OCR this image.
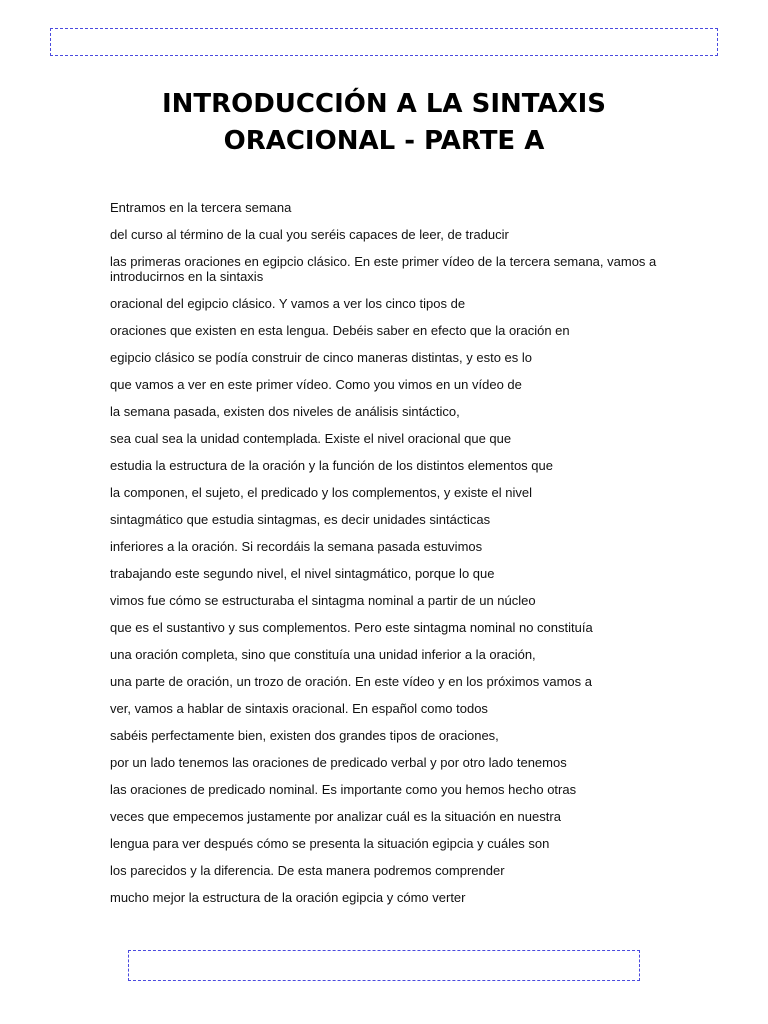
INTRODUCCIÓN A LA SINTAXIS
ORACIONAL - PARTE A

Entramos en la tercera semana

del curso al término de la cual you seréis capaces de leer, de traducir

las primeras oraciones en egipcio clásico. En este primer vídeo de la tercera semana, vamos a introducirnos en la sintaxis

oracional del egipcio clásico. Y vamos a ver los cinco tipos de

oraciones que existen en esta lengua. Debéis saber en efecto que la oración en

egipcio clásico se podía construir de cinco maneras distintas, y esto es lo

que vamos a ver en este primer vídeo. Como you vimos en un vídeo de

la semana pasada, existen dos niveles de análisis sintáctico,

sea cual sea la unidad contemplada. Existe el nivel oracional que que

estudia la estructura de la oración y la función de los distintos elementos que

la componen, el sujeto, el predicado y los complementos, y existe el nivel

sintagmático que estudia sintagmas, es decir unidades sintácticas

inferiores a la oración. Si recordáis la semana pasada estuvimos

trabajando este segundo nivel, el nivel sintagmático, porque lo que

vimos fue cómo se estructuraba el sintagma nominal a partir de un núcleo

que es el sustantivo y sus complementos. Pero este sintagma nominal no constituía

una oración completa, sino que constituía una unidad inferior a la oración,

una parte de oración, un trozo de oración. En este vídeo y en los próximos vamos a

ver, vamos a hablar de sintaxis oracional. En español como todos

sabéis perfectamente bien, existen dos grandes tipos de oraciones,

por un lado tenemos las oraciones de predicado verbal y por otro lado tenemos

las oraciones de predicado nominal. Es importante como you hemos hecho otras

veces que empecemos justamente por analizar cuál es la situación en nuestra

lengua para ver después cómo se presenta la situación egipcia y cuáles son

los parecidos y la diferencia. De esta manera podremos comprender

mucho mejor la estructura de la oración egipcia y cómo verter
